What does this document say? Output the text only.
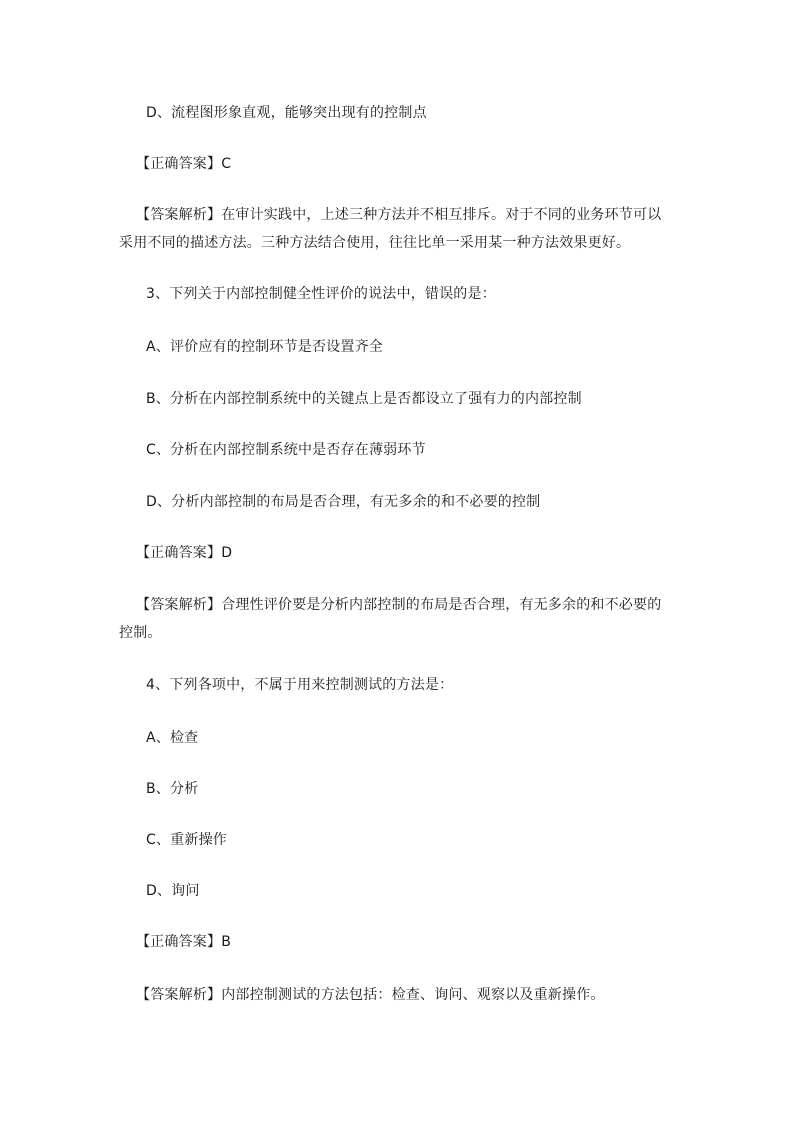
D、流程图形象直观，能够突出现有的控制点
【正确答案】C
【答案解析】在审计实践中，上述三种方法并不相互排斥。对于不同的业务环节可以
采用不同的描述方法。三种方法结合使用，往往比单一采用某一种方法效果更好。
3、下列关于内部控制健全性评价的说法中，错误的是：
A、评价应有的控制环节是否设置齐全
B、分析在内部控制系统中的关键点上是否都设立了强有力的内部控制
C、分析在内部控制系统中是否存在薄弱环节
D、分析内部控制的布局是否合理，有无多余的和不必要的控制
【正确答案】D
【答案解析】合理性评价要是分析内部控制的布局是否合理，有无多余的和不必要的
控制。
4、下列各项中，不属于用来控制测试的方法是：
A、检查
B、分析
C、重新操作
D、询问
【正确答案】B
【答案解析】内部控制测试的方法包括：检查、询问、观察以及重新操作。
